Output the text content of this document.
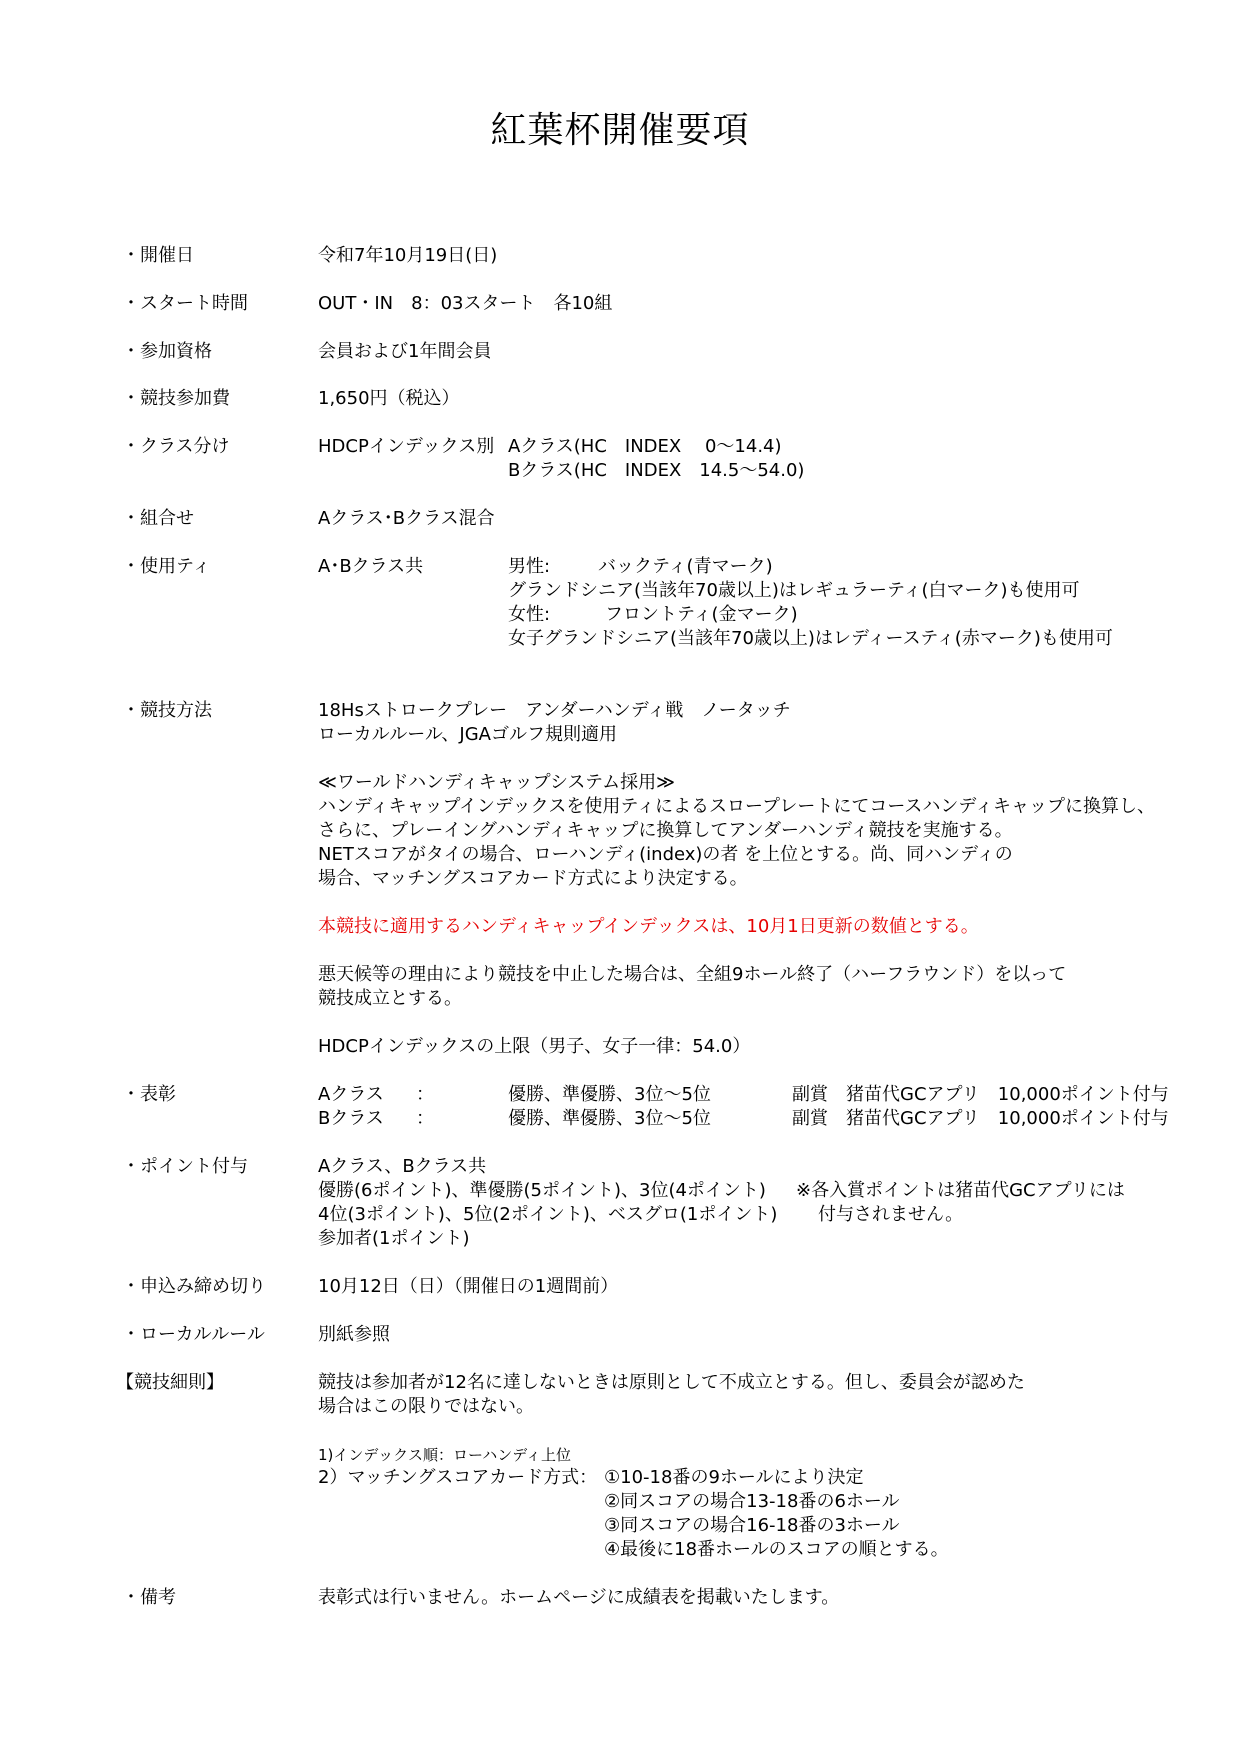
紅葉杯開催要項
・開催日	令和7年10月19日(日)
・スタート時間	OUT・IN　8：03スタート　各10組
・参加資格	会員および1年間会員
・競技参加費	1,650円（税込）
・クラス分け	HDCPインデックス別 Aクラス(HC　INDEX　 0～14.4)
Bクラス(HC　INDEX　14.5～54.0)
・組合せ	Aクラス･Bクラス混合
・使用ティ	A･Bクラス共	男性:	バックティ(青マーク)
グランドシニア(当該年70歳以上)はレギュラーティ(白マーク)も使用可
女性:	フロントティ(金マーク)
女子グランドシニア(当該年70歳以上)はレディースティ(赤マーク)も使用可
・競技方法	18Hsストロークプレー　アンダーハンディ戦　ノータッチ
ローカルルール、JGAゴルフ規則適用
≪ワールドハンディキャップシステム採用≫
ハンディキャップインデックスを使用ティによるスロープレートにてコースハンディキャップに換算し、
さらに、プレーイングハンディキャップに換算してアンダーハンディ競技を実施する。
NETスコアがタイの場合、ローハンディ(index)の者 を上位とする。尚、同ハンディの
場合、マッチングスコアカード方式により決定する。
本競技に適用するハンディキャップインデックスは、10月1日更新の数値とする。
悪天候等の理由により競技を中止した場合は、全組9ホール終了（ハーフラウンド）を以って
競技成立とする。
HDCPインデックスの上限（男子、女子一律：54.0）
・表彰	Aクラス ：	優勝、準優勝、3位～5位	副賞　猪苗代GCアプリ　10,000ポイント付与
Bクラス ：	優勝、準優勝、3位～5位	副賞　猪苗代GCアプリ　10,000ポイント付与
・ポイント付与	Aクラス、Bクラス共
優勝(6ポイント)、準優勝(5ポイント)、3位(4ポイント)
4位(3ポイント)、5位(2ポイント)、ベスグロ(1ポイント)
参加者(1ポイント)
※各入賞ポイントは猪苗代GCアプリには
付与されません。
・申込み締め切り	10月12日（日）（開催日の1週間前）
・ローカルルール	別紙参照
【競技細則】	競技は参加者が12名に達しないときは原則として不成立とする。但し、委員会が認めた
場合はこの限りではない。
1)インデックス順：ローハンディ上位
2）マッチングスコアカード方式： ①10-18番の9ホールにより決定
②同スコアの場合13-18番の6ホール
③同スコアの場合16-18番の3ホール
④最後に18番ホールのスコアの順とする。
・備考	表彰式は行いません。ホームページに成績表を掲載いたします。
